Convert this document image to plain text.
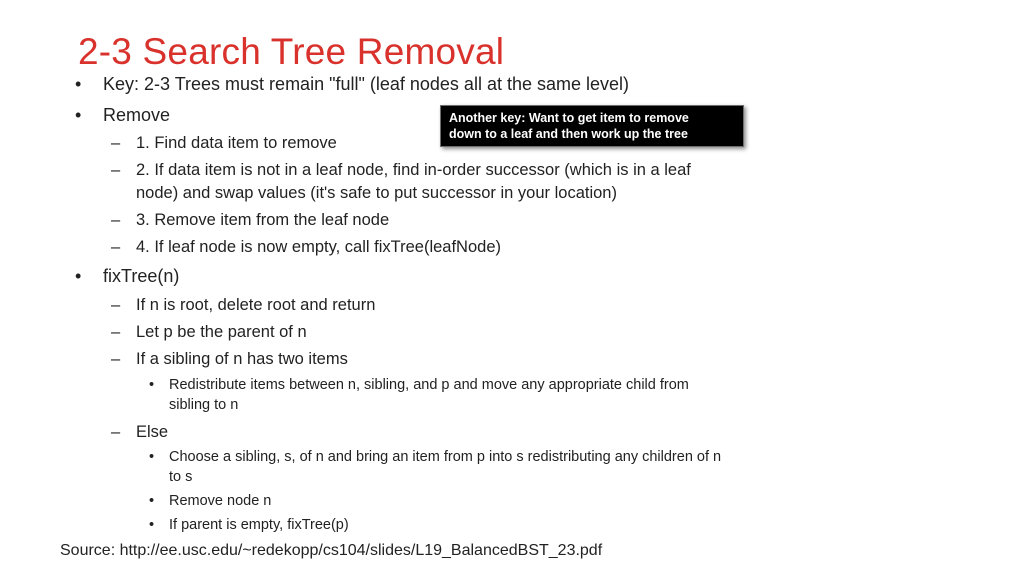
2-3 Search Tree Removal
• Key: 2-3 Trees must remain "full" (leaf nodes all at the same level)
• Remove
– 1. Find data item to remove
– 2. If data item is not in a leaf node, find in-order successor (which is in a leaf
node) and swap values (it's safe to put successor in your location)
– 3. Remove item from the leaf node
– 4. If leaf node is now empty, call fixTree(leafNode)
• fixTree(n)
– If n is root, delete root and return
– Let p be the parent of n
– If a sibling of n has two items
• Redistribute items between n, sibling, and p and move any appropriate child from
sibling to n
– Else
• Choose a sibling, s, of n and bring an item from p into s redistributing any children of n
to s
• Remove node n
• If parent is empty, fixTree(p)
Another key: Want to get item to remove
down to a leaf and then work up the tree
Source: http://ee.usc.edu/~redekopp/cs104/slides/L19_BalancedBST_23.pdf
